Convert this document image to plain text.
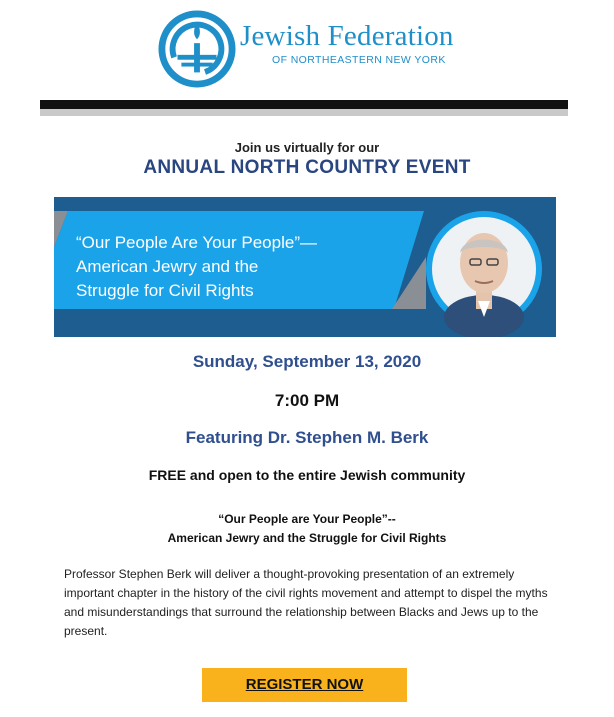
Jewish Federation
OF NORTHEASTERN NEW YORK
Join us virtually for our
ANNUAL NORTH COUNTRY EVENT
“Our People Are Your People”—
American Jewry and the
Struggle for Civil Rights
Sunday, September 13, 2020
7:00 PM
Featuring Dr. Stephen M. Berk
FREE and open to the entire Jewish community
“Our People are Your People”--
American Jewry and the Struggle for Civil Rights
Professor Stephen Berk will deliver a thought-provoking presentation of an extremely important chapter in the history of the civil rights movement and attempt to dispel the myths and misunderstandings that surround the relationship between Blacks and Jews up to the present.
REGISTER NOW
